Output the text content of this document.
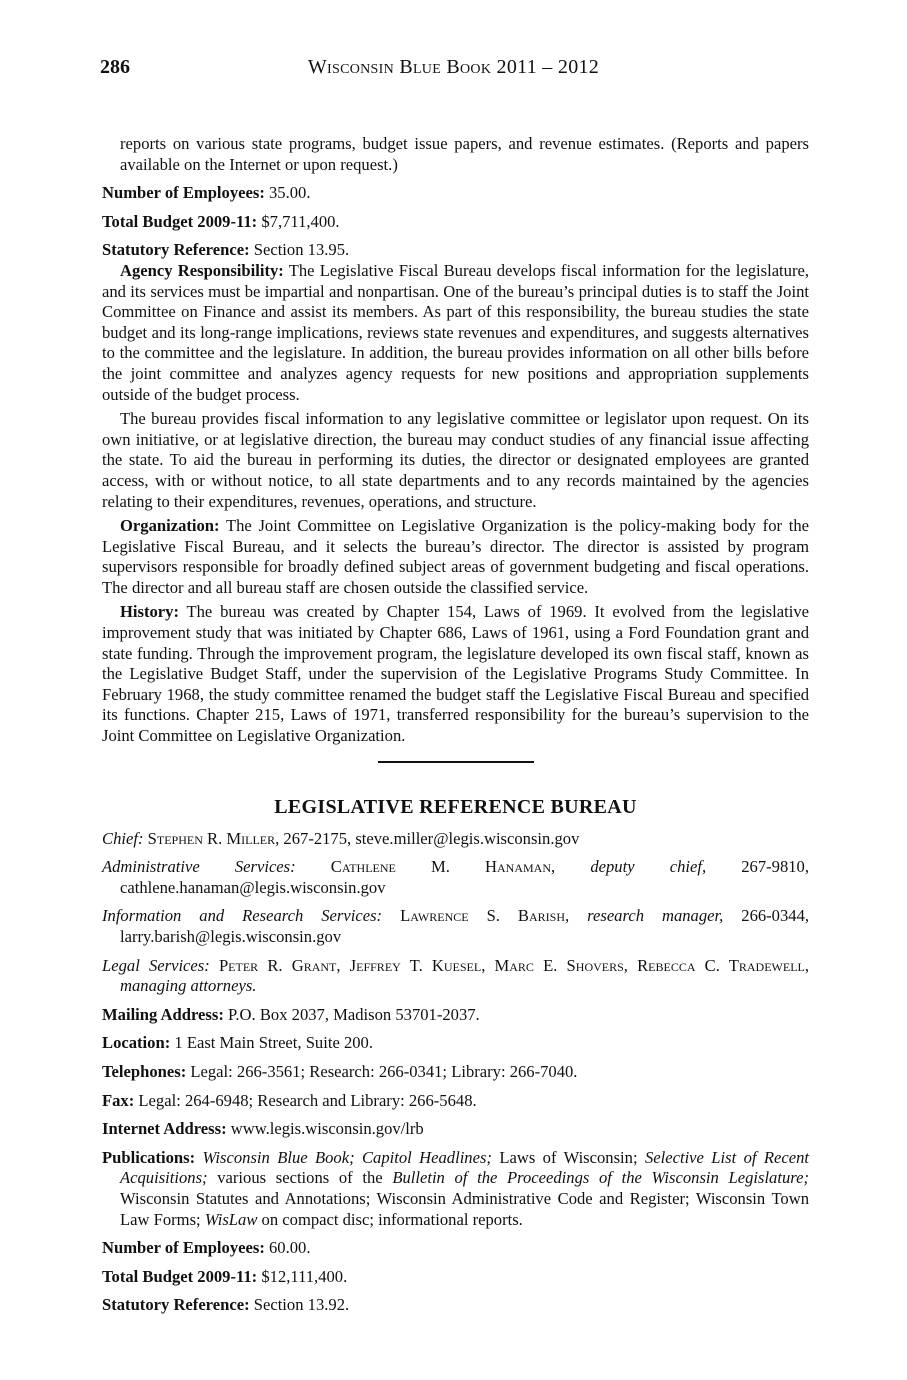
286	Wisconsin Blue Book 2011 – 2012

reports on various state programs, budget issue papers, and revenue estimates. (Reports and papers available on the Internet or upon request.)

Number of Employees: 35.00.

Total Budget 2009-11: $7,711,400.

Statutory Reference: Section 13.95.

Agency Responsibility: The Legislative Fiscal Bureau develops fiscal information for the legislature, and its services must be impartial and nonpartisan. One of the bureau’s principal duties is to staff the Joint Committee on Finance and assist its members. As part of this responsibility, the bureau studies the state budget and its long-range implications, reviews state revenues and expenditures, and suggests alternatives to the committee and the legislature. In addition, the bureau provides information on all other bills before the joint committee and analyzes agency requests for new positions and appropriation supplements outside of the budget process.

The bureau provides fiscal information to any legislative committee or legislator upon request. On its own initiative, or at legislative direction, the bureau may conduct studies of any financial issue affecting the state. To aid the bureau in performing its duties, the director or designated employees are granted access, with or without notice, to all state departments and to any records maintained by the agencies relating to their expenditures, revenues, operations, and structure.

Organization: The Joint Committee on Legislative Organization is the policy-making body for the Legislative Fiscal Bureau, and it selects the bureau’s director. The director is assisted by program supervisors responsible for broadly defined subject areas of government budgeting and fiscal operations. The director and all bureau staff are chosen outside the classified service.

History: The bureau was created by Chapter 154, Laws of 1969. It evolved from the legislative improvement study that was initiated by Chapter 686, Laws of 1961, using a Ford Foundation grant and state funding. Through the improvement program, the legislature developed its own fiscal staff, known as the Legislative Budget Staff, under the supervision of the Legislative Programs Study Committee. In February 1968, the study committee renamed the budget staff the Legislative Fiscal Bureau and specified its functions. Chapter 215, Laws of 1971, transferred responsibility for the bureau’s supervision to the Joint Committee on Legislative Organization.

LEGISLATIVE REFERENCE BUREAU

Chief: Stephen R. Miller, 267-2175, steve.miller@legis.wisconsin.gov

Administrative Services: Cathlene M. Hanaman, deputy chief, 267-9810, cathlene.hanaman@legis.wisconsin.gov

Information and Research Services: Lawrence S. Barish, research manager, 266-0344, larry.barish@legis.wisconsin.gov

Legal Services: Peter R. Grant, Jeffrey T. Kuesel, Marc E. Shovers, Rebecca C. Tradewell, managing attorneys.

Mailing Address: P.O. Box 2037, Madison 53701-2037.

Location: 1 East Main Street, Suite 200.

Telephones: Legal: 266-3561; Research: 266-0341; Library: 266-7040.

Fax: Legal: 264-6948; Research and Library: 266-5648.

Internet Address: www.legis.wisconsin.gov/lrb

Publications: Wisconsin Blue Book; Capitol Headlines; Laws of Wisconsin; Selective List of Recent Acquisitions; various sections of the Bulletin of the Proceedings of the Wisconsin Legislature; Wisconsin Statutes and Annotations; Wisconsin Administrative Code and Register; Wisconsin Town Law Forms; WisLaw on compact disc; informational reports.

Number of Employees: 60.00.

Total Budget 2009-11: $12,111,400.

Statutory Reference: Section 13.92.
